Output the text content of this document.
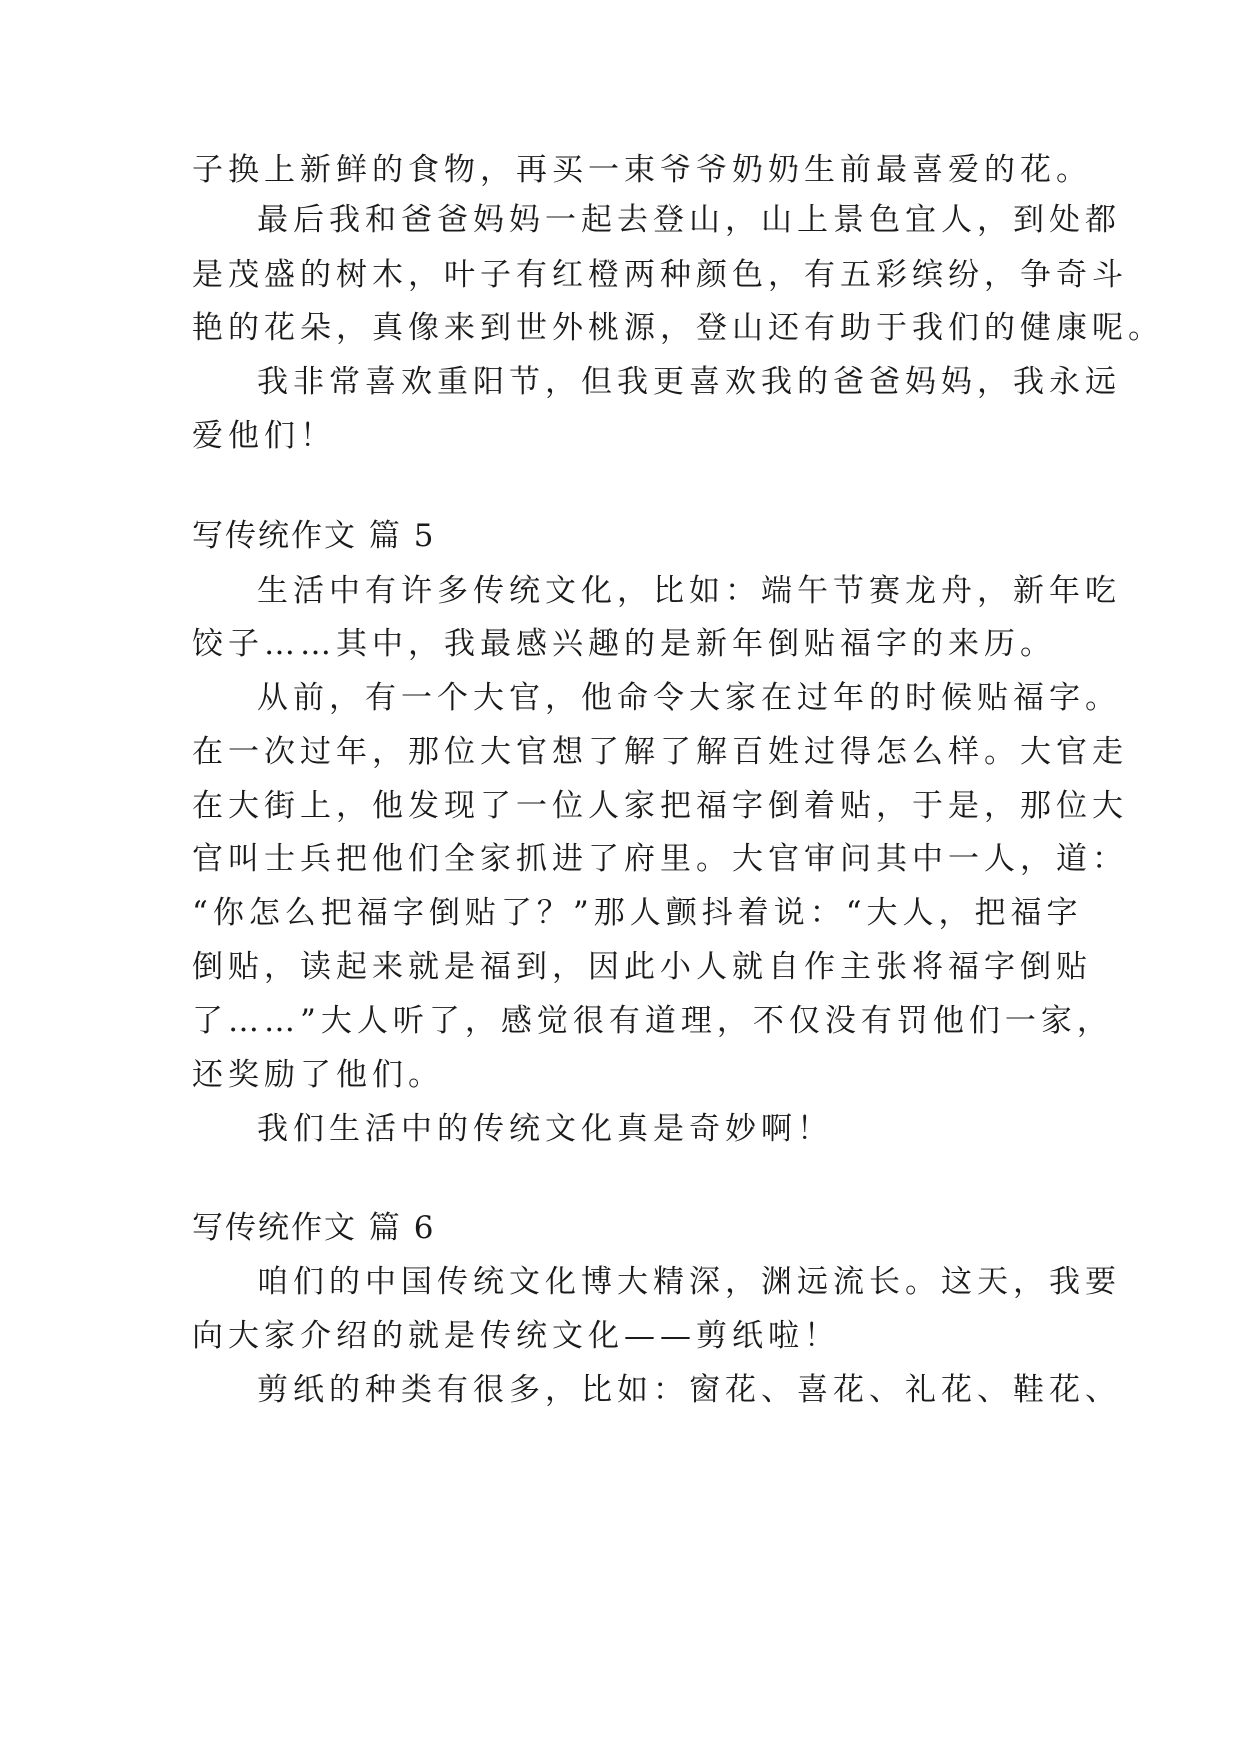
子换上新鲜的食物，再买一束爷爷奶奶生前最喜爱的花。
最后我和爸爸妈妈一起去登山，山上景色宜人，到处都
是茂盛的树木，叶子有红橙两种颜色，有五彩缤纷，争奇斗
艳的花朵，真像来到世外桃源，登山还有助于我们的健康呢。
我非常喜欢重阳节，但我更喜欢我的爸爸妈妈，我永远
爱他们！
写传统作文 篇 5
生活中有许多传统文化，比如：端午节赛龙舟，新年吃
饺子……其中，我最感兴趣的是新年倒贴福字的来历。
从前，有一个大官，他命令大家在过年的时候贴福字。
在一次过年，那位大官想了解了解百姓过得怎么样。大官走
在大街上，他发现了一位人家把福字倒着贴，于是，那位大
官叫士兵把他们全家抓进了府里。大官审问其中一人，道：
“你怎么把福字倒贴了？”那人颤抖着说：“大人，把福字
倒贴，读起来就是福到，因此小人就自作主张将福字倒贴
了……”大人听了，感觉很有道理，不仅没有罚他们一家，
还奖励了他们。
我们生活中的传统文化真是奇妙啊！
写传统作文 篇 6
咱们的中国传统文化博大精深，渊远流长。这天，我要
向大家介绍的就是传统文化——剪纸啦！
剪纸的种类有很多，比如：窗花、喜花、礼花、鞋花、
